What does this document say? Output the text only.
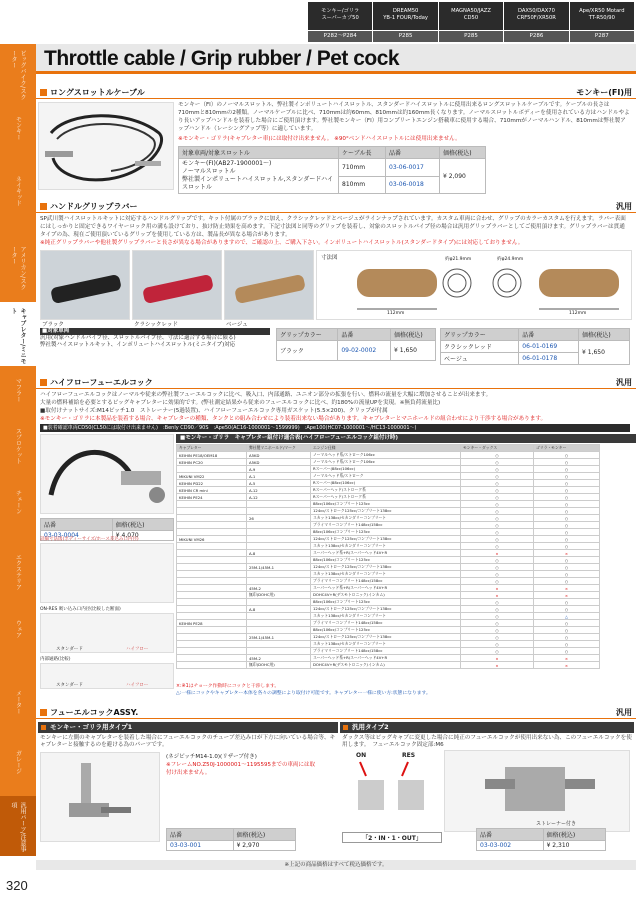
モンキー/ゴリラ
スーパーカブ50
P282～P284
DREAM50
YB-1 FOUR/Today
P285
MAGNA50/JAZZ
CD50
P285
DAX50/DAX70
CRF50F/XR50R
P286
Ape/XR50 Motard
TT-R50/90
P287
ビッグバイク/スクーター
モンキー
ネイキッド
アメリカン/スクーター
キャブレター/ミニモト
マフラー
スプロケット
チェーン
エクステリア
ウェア
メーター
ガレージ
汎用パーツ/注意事項
Throttle cable / Grip rubber / Pet cock
ロングスロットルケーブル	モンキー(FI)用
モンキー（FI）のノーマルスロットル、弊社製インポリュートハイスロットル、スタンダードハイスロットルに使用出来るロングスロットルケーブルです。ケーブルの長さは710mmと810mmの2種類。ノーマルケーブルに比べ、710mmは約60mm、810mmは約160mm長くなります。ノーマルスロットルボディーを使用されている方はハンドルやより長いアップハンドルを装着した場合にご使用頂けます。弊社製モンキー（FI）用コンプリートエンジン搭載車に使用する場合、710mmがノーマルハンドル、810mmは弊社製アップハンドル（レーシングアップ等）に適しています。
※モンキー・ゴリラ(キャブレター車)には取付け出来ません。 ※90°ベンドハイスロットルには使用出来ません。
対象車両/対象スロットル	ケーブル長	品番	価格(税込)

モンキー(FI)(AB27-1900001～)
ノーマルスロットル
弊社製インポリュートハイスロットル,スタンダードハイスロットル	710mm	03-06-0017	¥ 2,090
	810mm	03-06-0018	
ハンドルグリップラバー	汎用
SP武川製ハイスロットルキットに対応するハンドルグリップです。キット付属のブラックに加え、クラシックレッドとベージュがラインナップされています。カスタム車両に合わせ、グリップのカラーカスタムを行えます。ラバー表面にはしっかりと固定できるワイヤーロック用の溝も設けており、抜け防止効果を高めます。下記寸法図と同等のグリップを装着し、対象のスロットルパイプ径の場合は汎用グリップラバーとしてご使用頂けます。グリップラバーは貫通タイプの為、現在ご使用頂いているグリップを使用している方は、製品長が異なる場合があります。
※純正グリップラバーや他社製グリップラバーと長さが異なる場合がありますので、ご確認の上、ご購入下さい。インポリュートハイスロットル(スタンダードタイプ)には対応しておりません。
ブラック	クラシックレッド	ベージュ
寸法図	約φ21.9mm	約φ24.9mm
112mm	112mm
■対象車両
汎用(対象ハンドルパイプ径、スロットルパイプ径、寸法に適合する場合に限る)
弊社製ハイスロットルキット、インポリュートハイスロットル(ミニタイプ)対応
グリップカラー	品番	価格(税込)
ブラック	09-02-0002	¥ 1,650
グリップカラー	品番	価格(税込)
クラシックレッド	06-01-0169	¥ 1,650
ベージュ	06-01-0178	
ハイフローフューエルコック	汎用
ハイフローフューエルコックはノーマルや従来の弊社製フューエルコックに比べ、吸入口、内部通路、ユニオン部分の拡張を行い、燃料の流量を大幅に増加させることが出来ます。
大量の燃料補給を必要とするビッグキャブレターに効果的です。(弊社測定結果から従来のフューエルコックに比べ、約180%の流量UPを実現。※無負荷流量比)
■取付けナットサイズ:M14ピッチ1.0　ストレーナー(5過装置)、ハイフローフューエルコック専用ガスケット(5.5×200)、クリップが付属
※モンキー・ゴリラに本製品を装着する場合、キャブレターの種類、タンクとの組み合わせにより装着出来ない場合があります。キャブレターとマニホールドの組合わせにより干渉する場合があります。
■装着確認車両CD50(CL50には取付け出来ません)　:Benly CD90／90S　:Ape50(AC16-1000001～1599999)　:Ape100(HC07-1000001～/HC13-1000001～)
品番	価格(税込)
03-03-0004	¥ 4,070
詳細寸法図(ボディーサイズ/ホース差込み口内径)
ON-RES 吸い込み口内径(比較した断面)
スタンダード	ハイフロー
内部通路(比較)
スタンダード	ハイフロー
■モンキー・ゴリラ　キャブレター組付け適合表(ハイフローフューエルコック組付け時)
キャブレター	弊社製マニホールド/マーク	エンジン仕様	モンキー・ダックス	ゴリラ・モンキー
KEIHIN PE18/OEM18	A5KD	ノーマルヘッド系/ストローク106cc	○	○
KEIHIN PC20	A5KD	ノーマルヘッド系/ストローク106cc	○	○
	A-9	Rスーパー(88cc/106cc)	○	○
MIKUNI VM22	A-1	ノーマルヘッド系/ストローク	○	○
KEIHIN PD22	A-5	Rスーパー(88cc/106cc)	○	○
KEIHIN CR mini	A-12	Rスーパーヘッド/ストローク系	○	○
KEIHIN PE24	A-12	Rスーパーヘッド/ストローク系	○	○
		88cc/106cc/コンプリート125cc	○	○
		124cc/ストローク125cc/コンプリート138cc	○	○
	26	スカット138cc/セカンダリーコンプリート	○	○
		ブライマリーコンプリート148cc/158cc	○	○
		88cc/106cc/コンプリート125cc	○	○
MIKUNI VM26		124cc/ストローク125cc/コンプリート138cc	○	○
		スカット138cc/セカンダリーコンプリート	○	○
	A-8	スーパーヘッド系+R/スーパーヘッド4V+R	×	×
		88cc/106cc/コンプリート125cc	○	○
	25M-1/45M-1	124cc/ストローク125cc/コンプリート138cc	○	○
		スカット138cc/セカンダリーコンプリート	○	○
		ブライマリーコンプリート148cc/158cc	○	○
	45M-2	スーパーヘッド系+R/スーパーヘッド4V+R	×	×
	無印(DOHC用)	DOHC4V+R(デスモトロニック/インカム)	×	×
		88cc/106cc/コンプリート125cc	○	○
	A-8	124cc/ストローク125cc/コンプリート138cc	○	○
		スカット138cc/セカンダリーコンプリート	○	△
KEIHIN PE28		ブライマリーコンプリート148cc/158cc	○	○
		88cc/106cc/コンプリート125cc	○	○
	25M-1/45M-1	124cc/ストローク125cc/コンプリート138cc	○	○
		スカット138cc/セカンダリーコンプリート	○	○
		ブライマリーコンプリート148cc/158cc	○	○
	45M-2	スーパーヘッド系+R/スーパーヘッド4V+R	×	×
	無印(DOHC用)	DOHC4V+R(デスモトロニック/インカム)	×	×
×:※1はチョーク作動時にコックと干渉します。
△:一様にコックやキャブレター本体を各々の調整により取付け可能です。キャブレター一様に使い方:状態になります。
フューエルコックASSY.	汎用
モンキー・ゴリラ用タイプ1
モンキーに左側のキャブレターを装着した場合にフューエルコックのチューブ差込み口が下方に向いている場合等、キャブレターと接触するのを避ける為のパーツです。
(ネジピッチM14-1.0)(リザーブ付き)
※フレームNO.Z50J-1000001～1195595までの車両には取付け出来ません。
品番	価格(税込)
03-03-001	¥ 2,970
汎用タイプ2
ダックス等はビッグキャブに変更した場合に純正のフューエルコックが使用出来ない為、このフューエルコックを使用します。　フューエルコック固定部:M6
ON	RES
「2・IN・1・OUT」
ストレーナー付き
品番	価格(税込)
03-03-002	¥ 2,310
※上記の商品価格はすべて税込価格です。
320
